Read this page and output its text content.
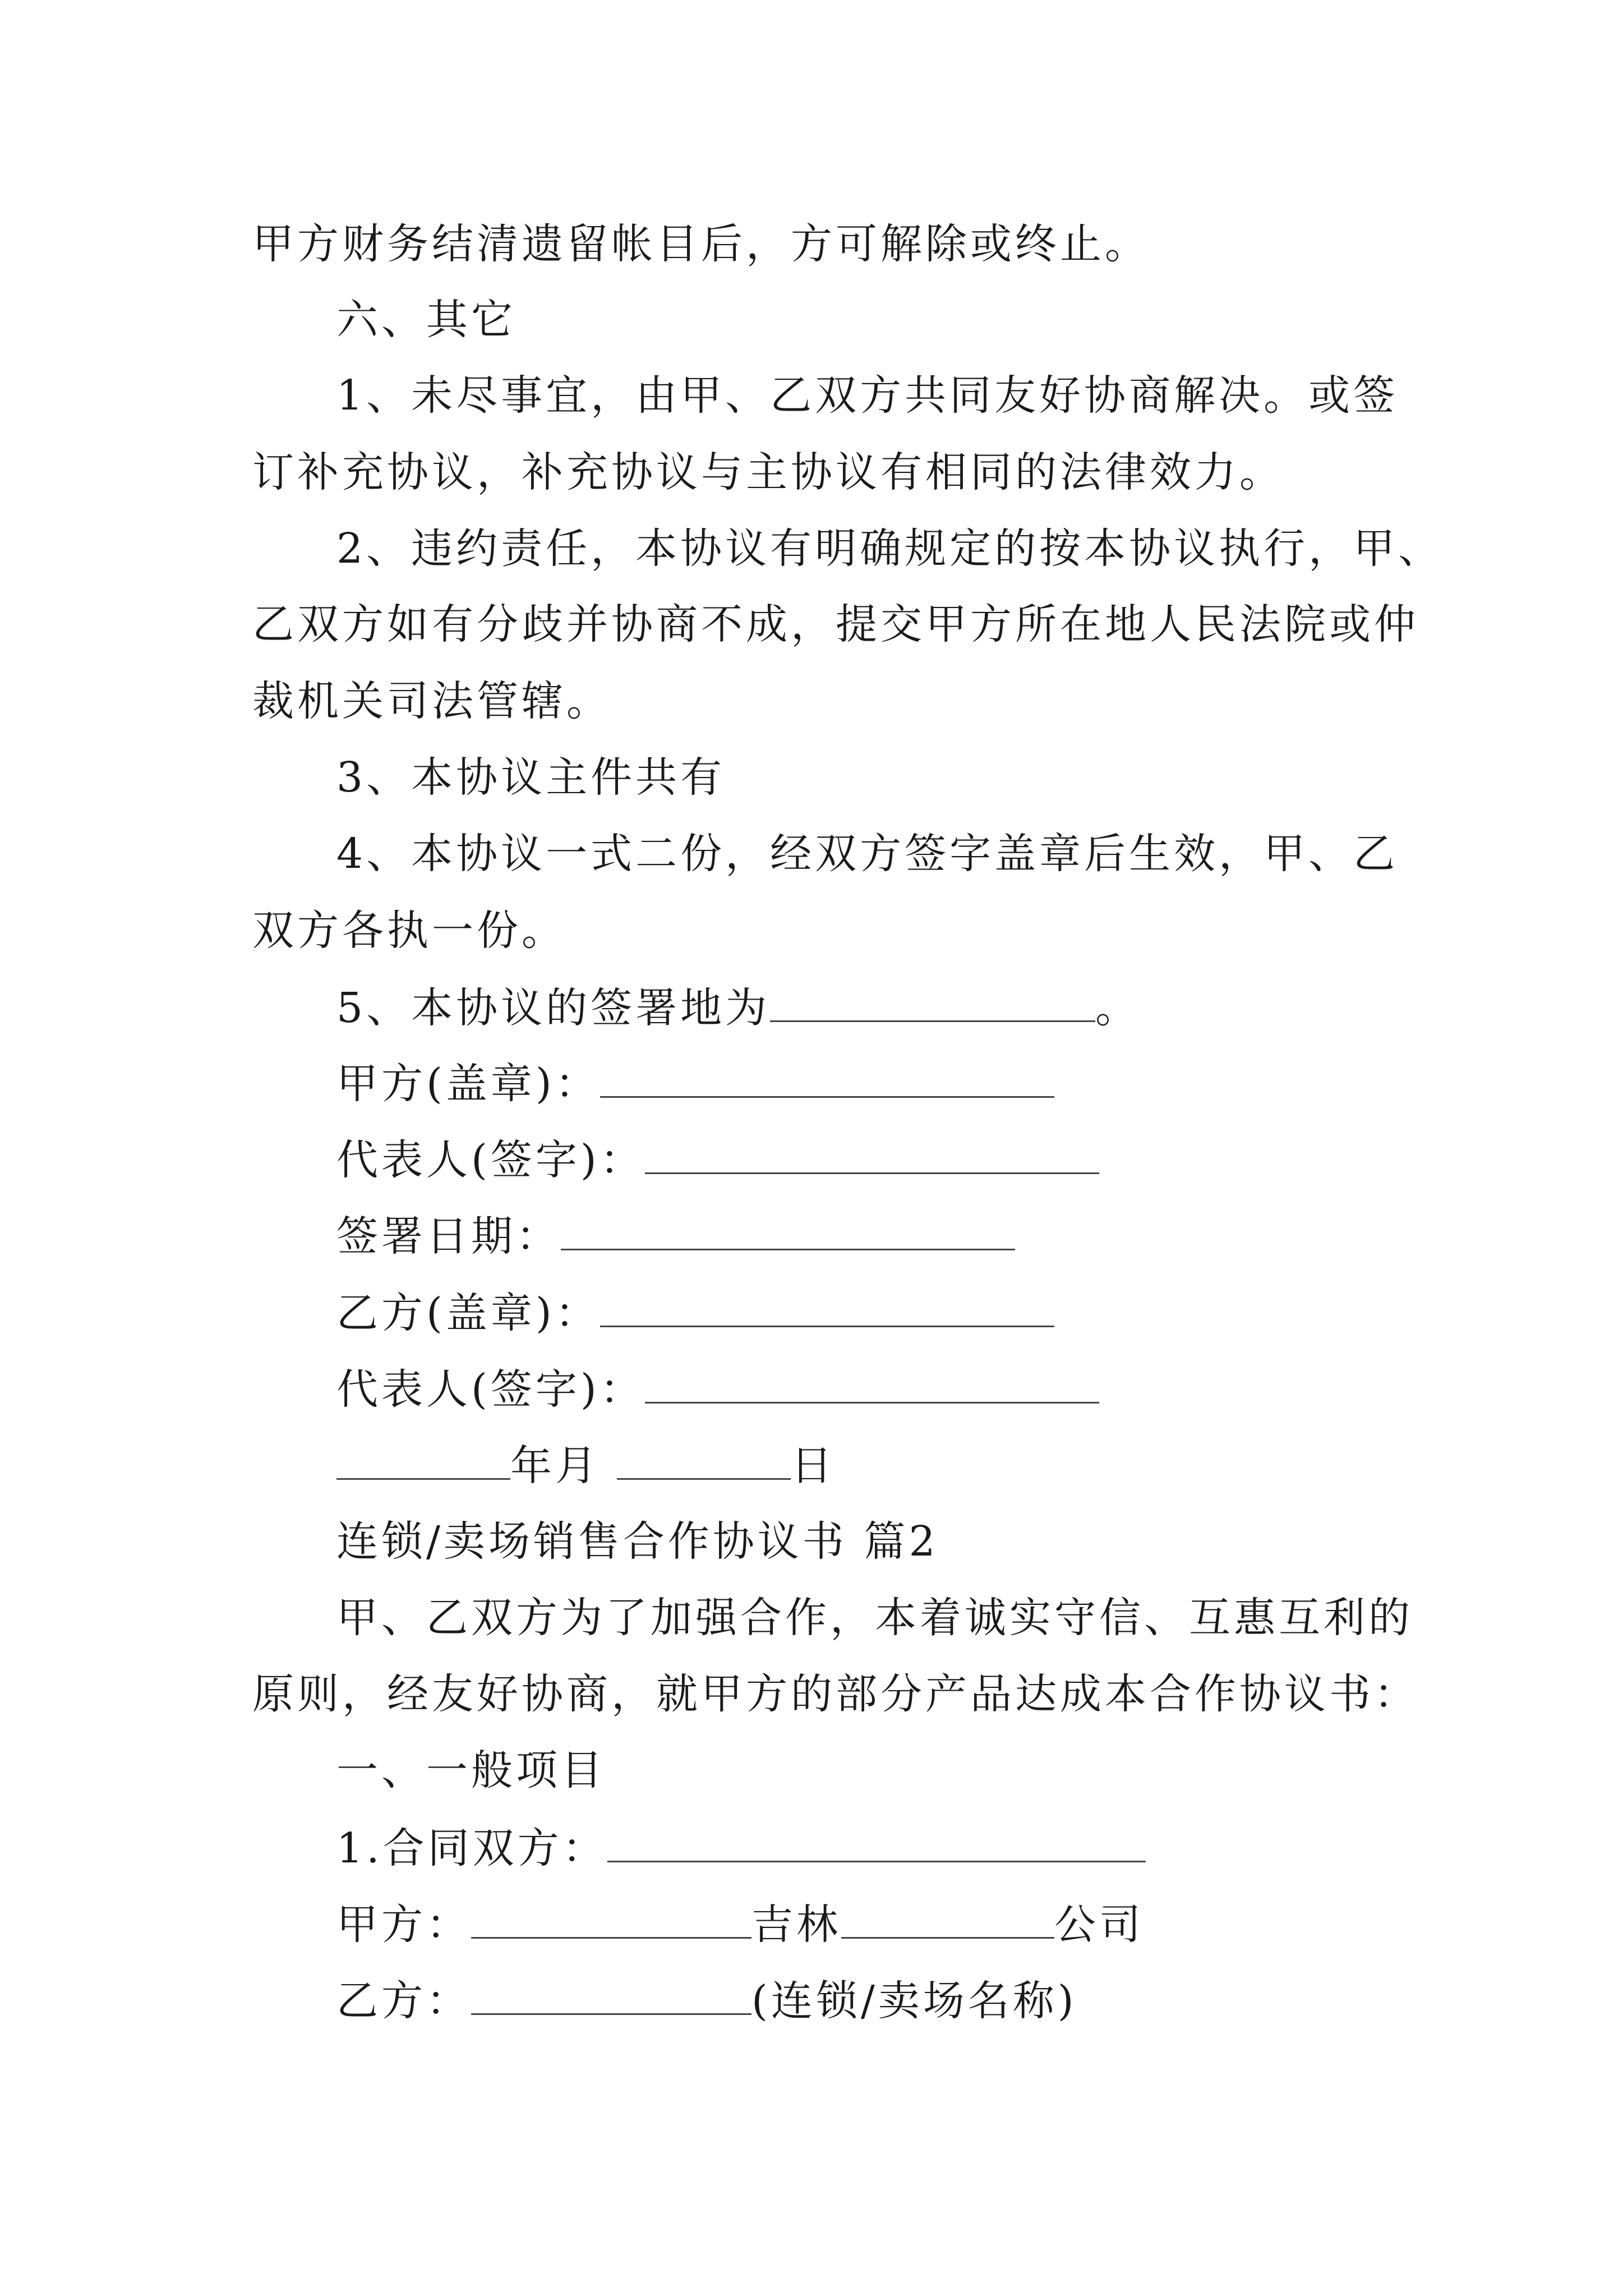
甲方财务结清遗留帐目后，方可解除或终止。
六、其它
1、未尽事宜，由甲、乙双方共同友好协商解决。或签
订补充协议，补充协议与主协议有相同的法律效力。
2、违约责任，本协议有明确规定的按本协议执行，甲、
乙双方如有分歧并协商不成，提交甲方所在地人民法院或仲
裁机关司法管辖。
3、本协议主件共有
4、本协议一式二份，经双方签字盖章后生效，甲、乙
双方各执一份。
5、本协议的签署地为	。
甲方(盖章)：
代表人(签字)：
签署日期：
乙方(盖章)：
代表人(签字)：
年月	日
连锁/卖场销售合作协议书 篇2
甲、乙双方为了加强合作，本着诚实守信、互惠互利的
原则，经友好协商，就甲方的部分产品达成本合作协议书：
一、一般项目
1.合同双方：
甲方：	吉林	公司
乙方：	(连锁/卖场名称)
